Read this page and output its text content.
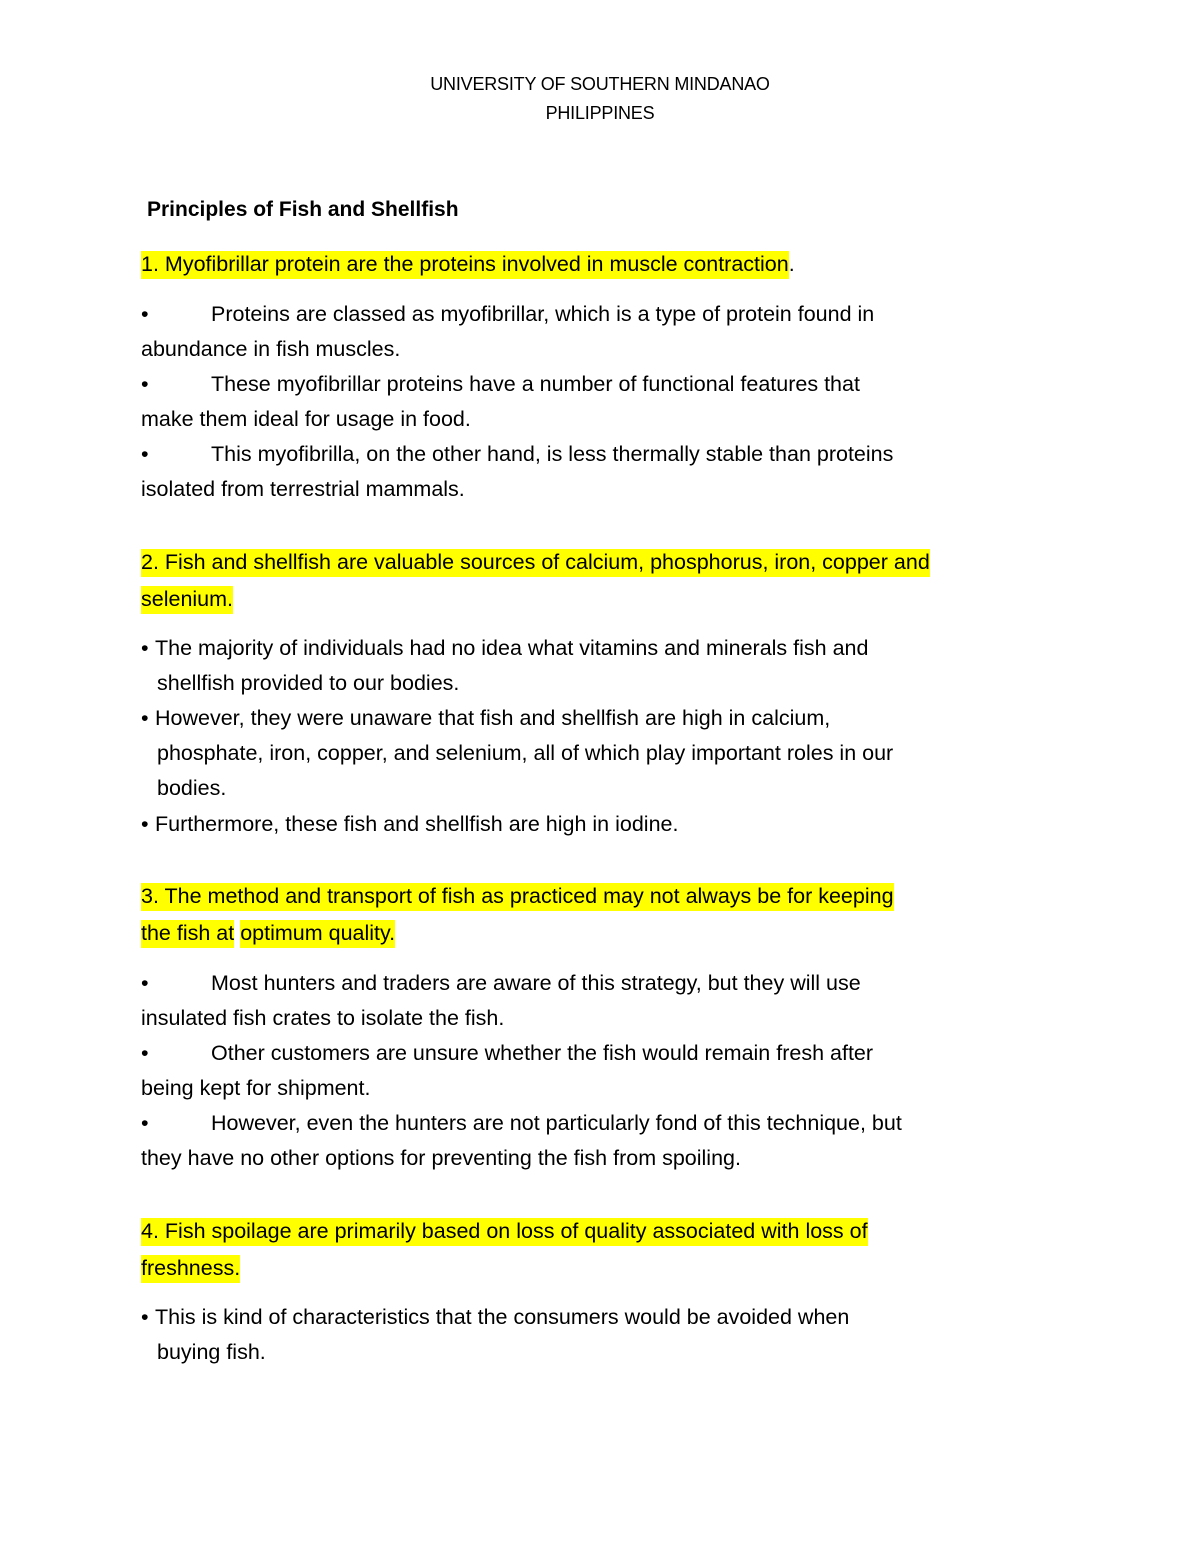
UNIVERSITY OF SOUTHERN MINDANAO

PHILIPPINES

Principles of Fish and Shellfish

1. Myofibrillar protein are the proteins involved in muscle contraction.

•	Proteins are classed as myofibrillar, which is a type of protein found in

abundance in fish muscles.

•	These myofibrillar proteins have a number of functional features that

make them ideal for usage in food.

•	This myofibrilla, on the other hand, is less thermally stable than proteins

isolated from terrestrial mammals.

2. Fish and shellfish are valuable sources of calcium, phosphorus, iron, copper and

selenium.

• The majority of individuals had no idea what vitamins and minerals fish and

shellfish provided to our bodies.

• However, they were unaware that fish and shellfish are high in calcium,

phosphate, iron, copper, and selenium, all of which play important roles in our

bodies.

• Furthermore, these fish and shellfish are high in iodine.

3. The method and transport of fish as practiced may not always be for keeping

the fish at optimum quality.

•	Most hunters and traders are aware of this strategy, but they will use

insulated fish crates to isolate the fish.

•	Other customers are unsure whether the fish would remain fresh after

being kept for shipment.

•	However, even the hunters are not particularly fond of this technique, but

they have no other options for preventing the fish from spoiling.

4. Fish spoilage are primarily based on loss of quality associated with loss of

freshness.

• This is kind of characteristics that the consumers would be avoided when

buying fish.
